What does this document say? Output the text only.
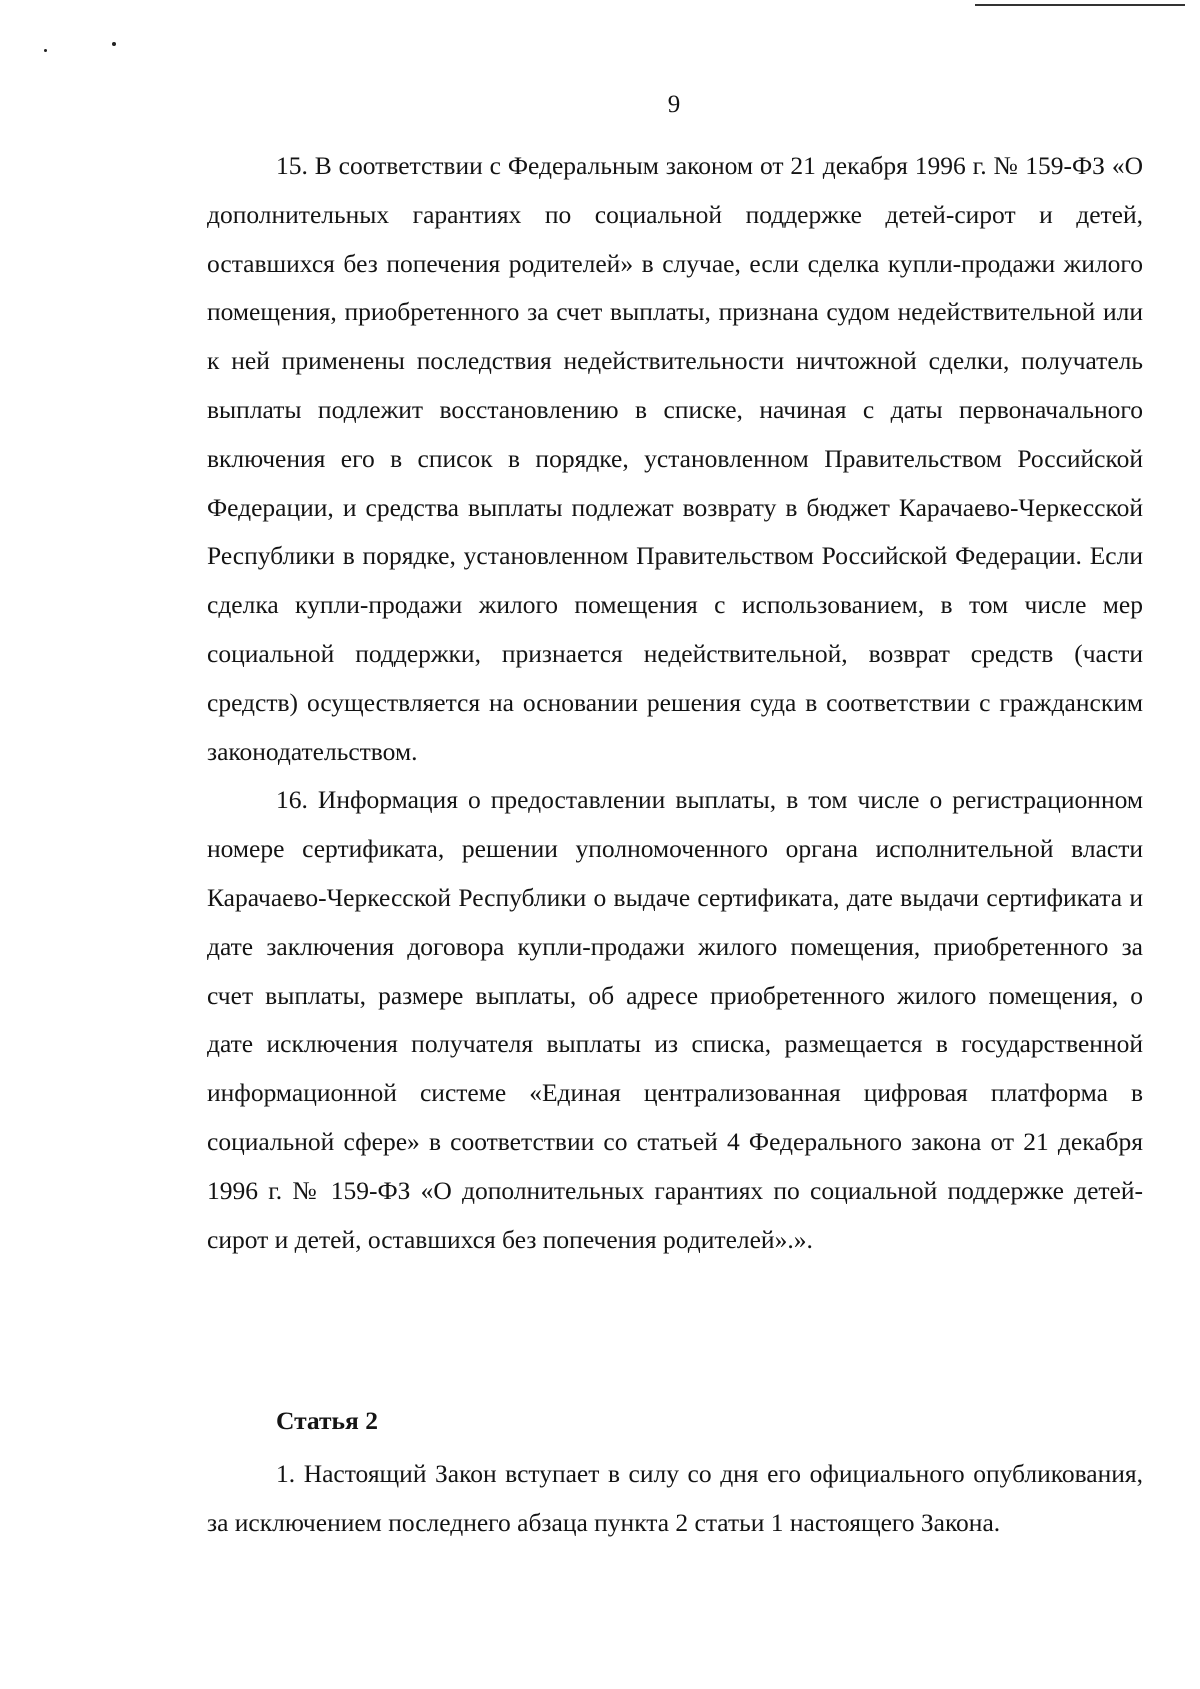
9

15. В соответствии с Федеральным законом от 21 декабря 1996 г. № 159-ФЗ «О дополнительных гарантиях по социальной поддержке детей-сирот и детей, оставшихся без попечения родителей» в случае, если сделка купли-продажи жилого помещения, приобретенного за счет выплаты, признана судом недействительной или к ней применены последствия недействительности ничтожной сделки, получатель выплаты подлежит восстановлению в списке, начиная с даты первоначального включения его в список в порядке, установленном Правительством Российской Федерации, и средства выплаты подлежат возврату в бюджет Карачаево-Черкесской Республики в порядке, установленном Правительством Российской Федерации. Если сделка купли-продажи жилого помещения с использованием, в том числе мер социальной поддержки, признается недействительной, возврат средств (части средств) осуществляется на основании решения суда в соответствии с гражданским законодательством.

16. Информация о предоставлении выплаты, в том числе о регистрационном номере сертификата, решении уполномоченного органа исполнительной власти Карачаево-Черкесской Республики о выдаче сертификата, дате выдачи сертификата и дате заключения договора купли-продажи жилого помещения, приобретенного за счет выплаты, размере выплаты, об адресе приобретенного жилого помещения, о дате исключения получателя выплаты из списка, размещается в государственной информационной системе «Единая централизованная цифровая платформа в социальной сфере» в соответствии со статьей 4 Федерального закона от 21 декабря 1996 г. № 159-ФЗ «О дополнительных гарантиях по социальной поддержке детей-сирот и детей, оставшихся без попечения родителей».».

Статья 2

1. Настоящий Закон вступает в силу со дня его официального опубликования, за исключением последнего абзаца пункта 2 статьи 1 настоящего Закона.
